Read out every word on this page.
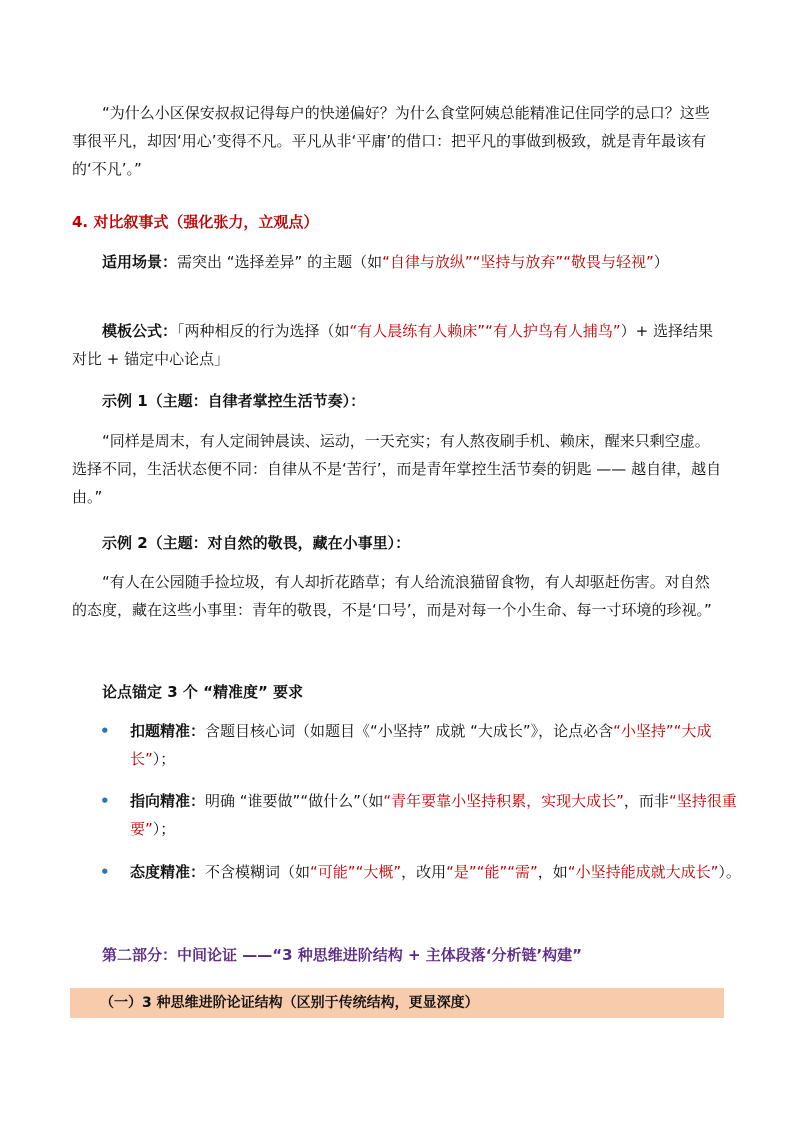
“为什么小区保安叔叔记得每户的快递偏好？为什么食堂阿姨总能精准记住同学的忌口？这些事很平凡，却因‘用心’变得不凡。平凡从非‘平庸’的借口：把平凡的事做到极致，就是青年最该有的‘不凡’。”
4. 对比叙事式（强化张力，立观点）
适用场景：需突出 “选择差异” 的主题（如“自律与放纵”“坚持与放弃”“敬畏与轻视”）
模板公式：「两种相反的行为选择（如“有人晨练有人赖床”“有人护鸟有人捕鸟”）+ 选择结果对比 + 锚定中心论点」
示例 1（主题：自律者掌控生活节奏）：
“同样是周末，有人定闹钟晨读、运动，一天充实；有人熬夜刷手机、赖床，醒来只剩空虚。选择不同，生活状态便不同：自律从不是‘苦行’，而是青年掌控生活节奏的钥匙 —— 越自律，越自由。”
示例 2（主题：对自然的敬畏，藏在小事里）：
“有人在公园随手捡垃圾，有人却折花踏草；有人给流浪猫留食物，有人却驱赶伤害。对自然的态度，藏在这些小事里：青年的敬畏，不是‘口号’，而是对每一个小生命、每一寸环境的珍视。”
论点锚定 3 个 “精准度” 要求
• 扣题精准：含题目核心词（如题目《“小坚持” 成就 “大成长”》，论点必含“小坚持”“大成长”）；
• 指向精准：明确 “谁要做”“做什么”（如“青年要靠小坚持积累，实现大成长”，而非“坚持很重要”）；
• 态度精准：不含模糊词（如“可能”“大概”，改用“是”“能”“需”，如“小坚持能成就大成长”）。
第二部分：中间论证 ——“3 种思维进阶结构 + 主体段落‘分析链’构建”
（一）3 种思维进阶论证结构（区别于传统结构，更显深度）
